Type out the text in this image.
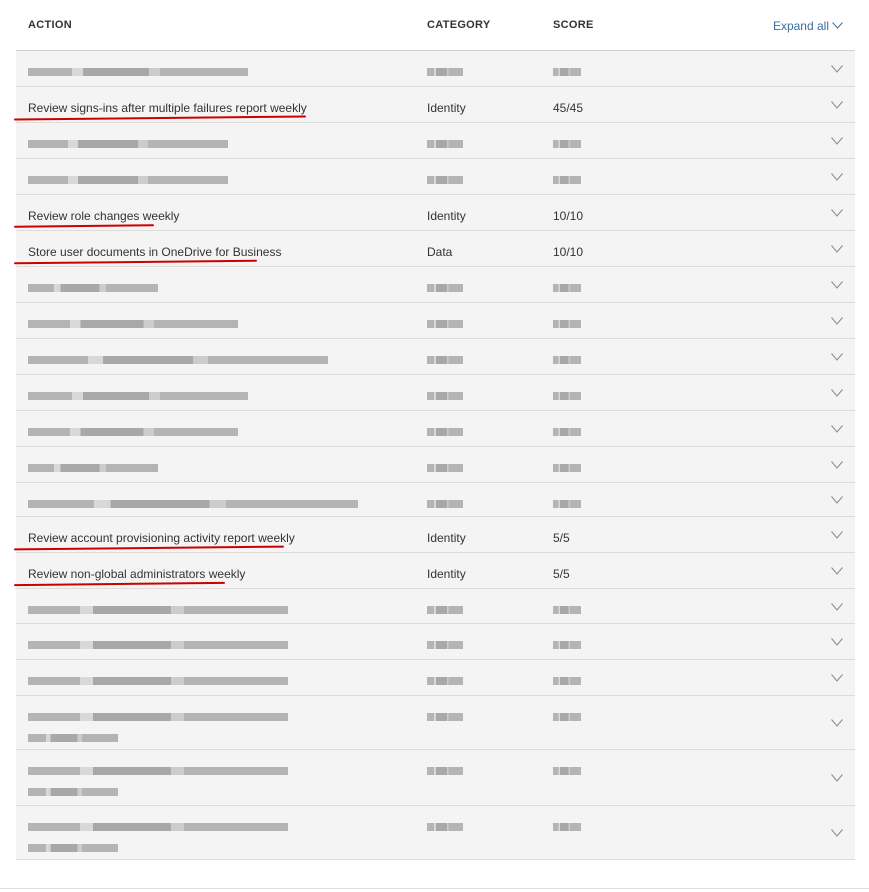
ACTION	CATEGORY	SCORE	Expand all
Review signs-ins after multiple failures report weekly	Identity	45/45
Review role changes weekly	Identity	10/10
Store user documents in OneDrive for Business	Data	10/10
Review account provisioning activity report weekly	Identity	5/5
Review non-global administrators weekly	Identity	5/5
